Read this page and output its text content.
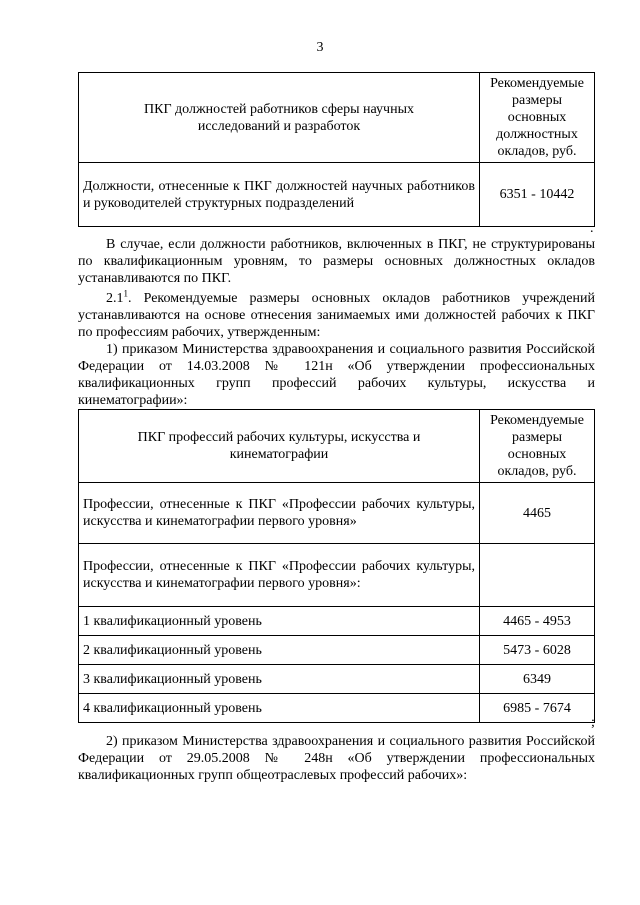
3
ПКГ должностей работников сферы научных исследований и разработок	Рекомендуемые размеры основных должностных окладов, руб.
Должности, отнесенные к ПКГ должностей научных работников и руководителей структурных подразделений	6351 - 10442
.
В случае, если должности работников, включенных в ПКГ, не структурированы по квалификационным уровням, то размеры основных должностных окладов устанавливаются по ПКГ.
$2.1^1$. Рекомендуемые размеры основных окладов работников учреждений устанавливаются на основе отнесения занимаемых ими должностей рабочих к ПКГ по профессиям рабочих, утвержденным:
1) приказом Министерства здравоохранения и социального развития Российской Федерации от 14.03.2008 № 121н «Об утверждении профессиональных квалификационных групп профессий рабочих культуры, искусства и кинематографии»:
ПКГ профессий рабочих культуры, искусства и кинематографии	Рекомендуемые размеры основных окладов, руб.
Профессии, отнесенные к ПКГ «Профессии рабочих культуры, искусства и кинематографии первого уровня»	4465
Профессии, отнесенные к ПКГ «Профессии рабочих культуры, искусства и кинематографии первого уровня»:	
1 квалификационный уровень	4465 - 4953
2 квалификационный уровень	5473 - 6028
3 квалификационный уровень	6349
4 квалификационный уровень	6985 - 7674
;
2) приказом Министерства здравоохранения и социального развития Российской Федерации от 29.05.2008 № 248н «Об утверждении профессиональных квалификационных групп общеотраслевых профессий рабочих»:
